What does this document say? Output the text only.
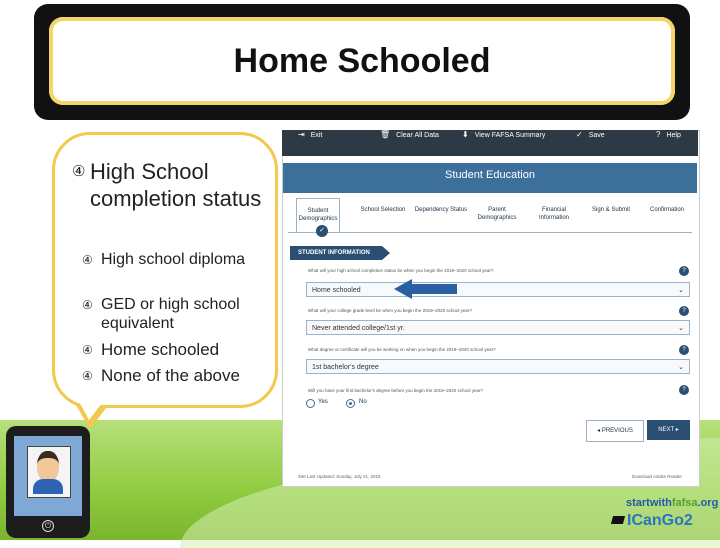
Home Schooled
④ High School completion status
④ High school diploma
④ GED or high school equivalent
④ Home schooled
④ None of the above
⏻
⇥ Exit	🗑 Clear All Data	⬇ View FAFSA Summary	✓ Save	? Help
Student Education
Student Demographics
School Selection	Dependency Status	Parent Demographics
Financial Information
Sign & Submit	Confirmation
✓
STUDENT INFORMATION
What will your high school completion status be when you begin the 2019–2020 school year?	?
Home schooled	⌄
What will your college grade level be when you begin the 2019–2020 school year?	?
Never attended college/1st yr.	⌄
What degree or certificate will you be working on when you begin the 2019–2020 school year?	?
1st bachelor's degree	⌄
Will you have your first bachelor's degree before you begin the 2019–2020 school year?	?
Yes	No
◂ PREVIOUS	NEXT ▸
Site Last Updated: Sunday, July 21, 2018	Download Adobe Reader
startwithfafsa.org
ICanGo2
